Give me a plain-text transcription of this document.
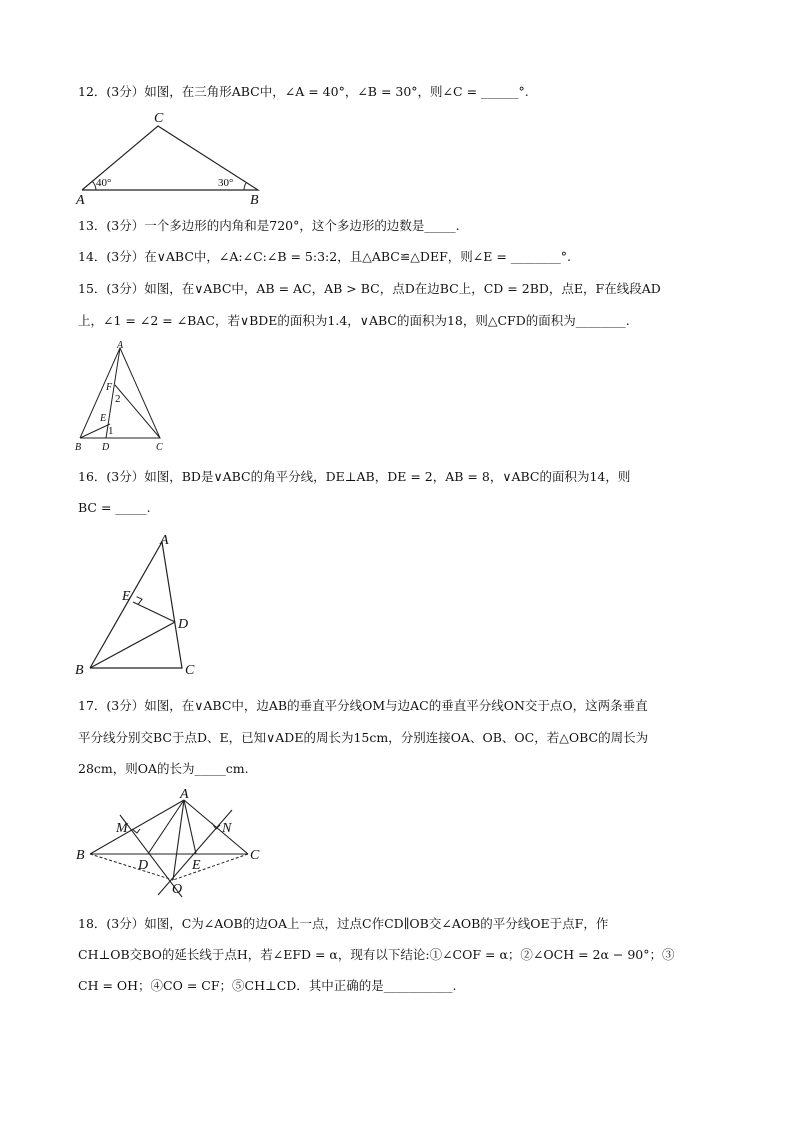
12．(3分）如图，在三角形ABC中，∠A = 40°，∠B = 30°，则∠C = ______°.
C
A	B
40°	30°
13．(3分）一个多边形的内角和是720°，这个多边形的边数是_____.
14．(3分）在∨ABC中，∠A:∠C:∠B = 5:3:2，且△ABC≌△DEF，则∠E = ________°.
15．(3分）如图，在∨ABC中，AB = AC，AB > BC，点D在边BC上，CD = 2BD，点E，F在线段AD
上，∠1 = ∠2 = ∠BAC，若∨BDE的面积为1.4，∨ABC的面积为18，则△CFD的面积为________.
A
B D	C
F
E
2
1
16．(3分）如图，BD是∨ABC的角平分线，DE⊥AB，DE = 2，AB = 8，∨ABC的面积为14，则
BC = _____.
A
E
D
B	C
17．(3分）如图，在∨ABC中，边AB的垂直平分线OM与边AC的垂直平分线ON交于点O，这两条垂直
平分线分别交BC于点D、E，已知∨ADE的周长为15cm，分别连接OA、OB、OC，若△OBC的周长为
28cm，则OA的长为_____cm.
A
M	N
B	C
D	E
O
18．(3分）如图，C为∠AOB的边OA上一点，过点C作CD∥OB交∠AOB的平分线OE于点F，作
CH⊥OB交BO的延长线于点H，若∠EFD = α，现有以下结论:①∠COF = α；②∠OCH = 2α − 90°；③
CH = OH；④CO = CF；⑤CH⊥CD．其中正确的是___________.
